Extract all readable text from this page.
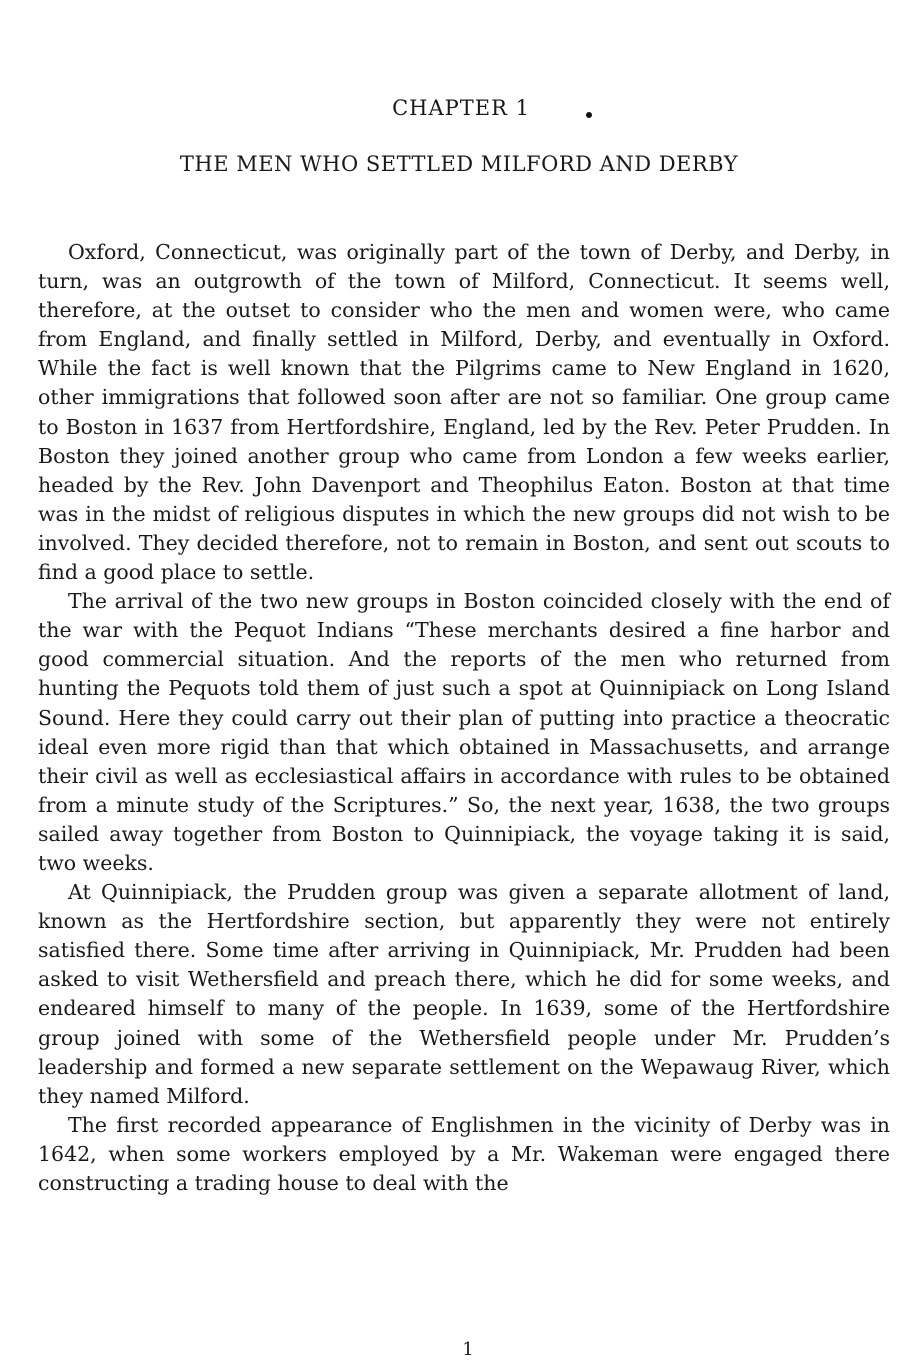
CHAPTER 1
THE MEN WHO SETTLED MILFORD AND DERBY

Oxford, Connecticut, was originally part of the town of Derby, and Derby, in turn, was an outgrowth of the town of Milford, Connecticut. It seems well, therefore, at the outset to consider who the men and women were, who came from England, and finally settled in Milford, Derby, and eventually in Oxford. While the fact is well known that the Pilgrims came to New England in 1620, other immigrations that followed soon after are not so familiar. One group came to Boston in 1637 from Hertfordshire, England, led by the Rev. Peter Prudden. In Boston they joined another group who came from London a few weeks earlier, headed by the Rev. John Davenport and Theophilus Eaton. Boston at that time was in the midst of religious disputes in which the new groups did not wish to be involved. They decided therefore, not to remain in Boston, and sent out scouts to find a good place to settle.

The arrival of the two new groups in Boston coincided closely with the end of the war with the Pequot Indians “These merchants desired a fine harbor and good commercial situation. And the reports of the men who returned from hunting the Pequots told them of just such a spot at Quinnipiack on Long Island Sound. Here they could carry out their plan of putting into practice a theocratic ideal even more rigid than that which obtained in Massachusetts, and arrange their civil as well as ecclesiastical affairs in accordance with rules to be obtained from a minute study of the Scriptures.” So, the next year, 1638, the two groups sailed away together from Boston to Quinnipiack, the voyage taking it is said, two weeks.

At Quinnipiack, the Prudden group was given a separate allotment of land, known as the Hertfordshire section, but apparently they were not entirely satisfied there. Some time after arriving in Quinnipiack, Mr. Prudden had been asked to visit Wethersfield and preach there, which he did for some weeks, and endeared himself to many of the people. In 1639, some of the Hertfordshire group joined with some of the Wethersfield people under Mr. Prudden’s leadership and formed a new separate settlement on the Wepawaug River, which they named Milford.

The first recorded appearance of Englishmen in the vicinity of Derby was in 1642, when some workers employed by a Mr. Wakeman were engaged there constructing a trading house to deal with the

1
